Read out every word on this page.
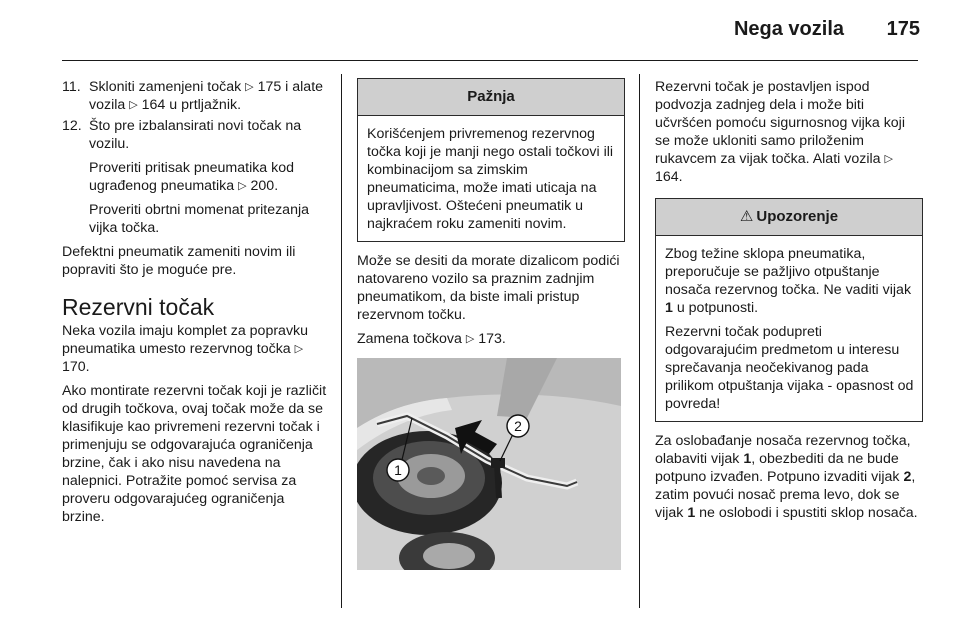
Nega vozila 175
11. Skloniti zamenjeni točak ▷ 175 i alate vozila ▷ 164 u prtljažnik.
12. Što pre izbalansirati novi točak na vozilu.

Proveriti pritisak pneumatika kod ugrađenog pneumatika ▷ 200.

Proveriti obrtni momenat pritezanja vijka točka.

Defektni pneumatik zameniti novim ili popraviti što je moguće pre.

Rezervni točak

Neka vozila imaju komplet za popravku pneumatika umesto rezervnog točka ▷ 170.

Ako montirate rezervni točak koji je različit od drugih točkova, ovaj točak može da se klasifikuje kao privremeni rezervni točak i primenjuju se odgovarajuća ograničenja brzine, čak i ako nisu navedena na nalepnici. Potražite pomoć servisa za proveru odgovarajućeg ograničenja brzine.

Pažnja

Korišćenjem privremenog rezervnog točka koji je manji nego ostali točkovi ili kombinacijom sa zimskim pneumaticima, može imati uticaja na upravljivost. Oštećeni pneumatik u najkraćem roku zameniti novim.

Može se desiti da morate dizalicom podići natovareno vozilo sa praznim zadnjim pneumatikom, da biste imali pristup rezervnom točku.

Zamena točkova ▷ 173.

1
2

Rezervni točak je postavljen ispod podvozja zadnjeg dela i može biti učvršćen pomoću sigurnosnog vijka koji se može ukloniti samo priloženim rukavcem za vijak točka. Alati vozila ▷ 164.

⚠ Upozorenje

Zbog težine sklopa pneumatika, preporučuje se pažljivo otpuštanje nosača rezervnog točka. Ne vaditi vijak 1 u potpunosti.

Rezervni točak podupreti odgovarajućim predmetom u interesu sprečavanja neočekivanog pada prilikom otpuštanja vijaka - opasnost od povreda!

Za oslobađanje nosača rezervnog točka, olabaviti vijak 1, obezbediti da ne bude potpuno izvađen. Potpuno izvaditi vijak 2, zatim povući nosač prema levo, dok se vijak 1 ne oslobodi i spustiti sklop nosača.
